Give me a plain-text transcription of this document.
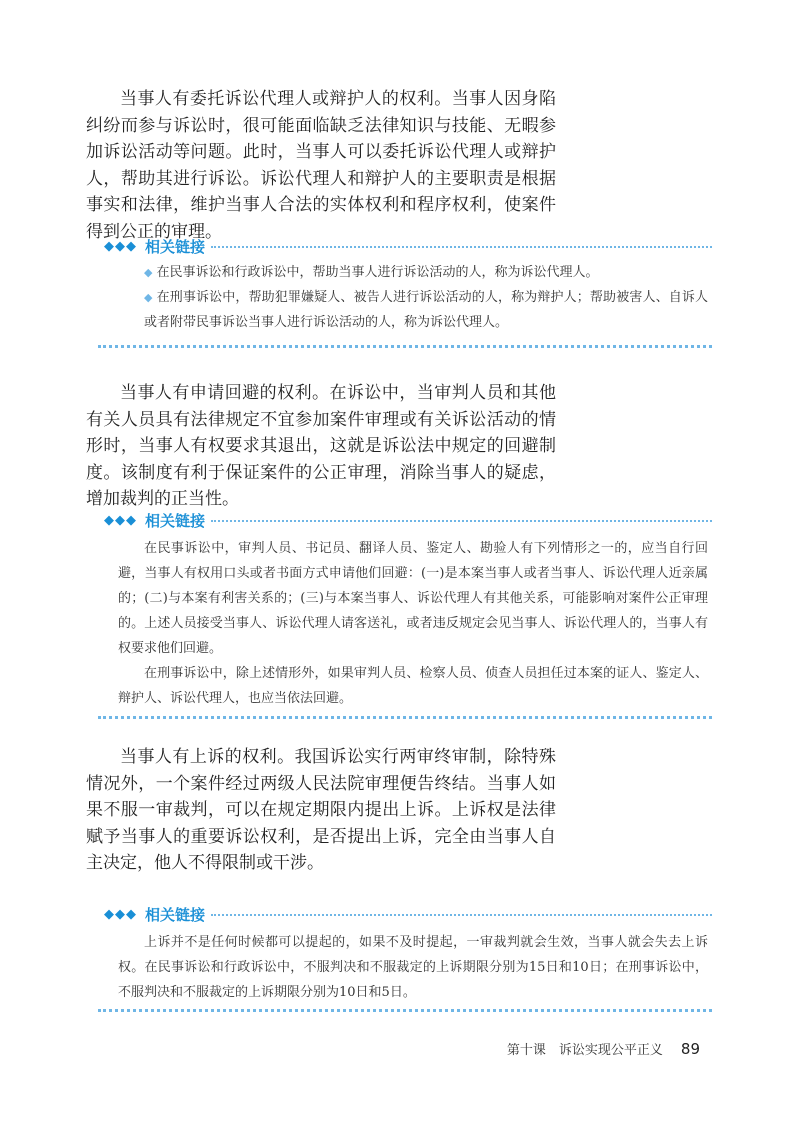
当事人有委托诉讼代理人或辩护人的权利。当事人因身陷纠纷而参与诉讼时，很可能面临缺乏法律知识与技能、无暇参加诉讼活动等问题。此时，当事人可以委托诉讼代理人或辩护人，帮助其进行诉讼。诉讼代理人和辩护人的主要职责是根据事实和法律，维护当事人合法的实体权利和程序权利，使案件得到公正的审理。

◆◆◆ 相关链接

◆ 在民事诉讼和行政诉讼中，帮助当事人进行诉讼活动的人，称为诉讼代理人。

◆ 在刑事诉讼中，帮助犯罪嫌疑人、被告人进行诉讼活动的人，称为辩护人；帮助被害人、自诉人或者附带民事诉讼当事人进行诉讼活动的人，称为诉讼代理人。

当事人有申请回避的权利。在诉讼中，当审判人员和其他有关人员具有法律规定不宜参加案件审理或有关诉讼活动的情形时，当事人有权要求其退出，这就是诉讼法中规定的回避制度。该制度有利于保证案件的公正审理，消除当事人的疑虑，增加裁判的正当性。

◆◆◆ 相关链接

在民事诉讼中，审判人员、书记员、翻译人员、鉴定人、勘验人有下列情形之一的，应当自行回避，当事人有权用口头或者书面方式申请他们回避：(一)是本案当事人或者当事人、诉讼代理人近亲属的；(二)与本案有利害关系的；(三)与本案当事人、诉讼代理人有其他关系，可能影响对案件公正审理的。上述人员接受当事人、诉讼代理人请客送礼，或者违反规定会见当事人、诉讼代理人的，当事人有权要求他们回避。

在刑事诉讼中，除上述情形外，如果审判人员、检察人员、侦查人员担任过本案的证人、鉴定人、辩护人、诉讼代理人，也应当依法回避。

当事人有上诉的权利。我国诉讼实行两审终审制，除特殊情况外，一个案件经过两级人民法院审理便告终结。当事人如果不服一审裁判，可以在规定期限内提出上诉。上诉权是法律赋予当事人的重要诉讼权利，是否提出上诉，完全由当事人自主决定，他人不得限制或干涉。

◆◆◆ 相关链接

上诉并不是任何时候都可以提起的，如果不及时提起，一审裁判就会生效，当事人就会失去上诉权。在民事诉讼和行政诉讼中，不服判决和不服裁定的上诉期限分别为15日和10日；在刑事诉讼中，不服判决和不服裁定的上诉期限分别为10日和5日。

第十课　诉讼实现公平正义 89
